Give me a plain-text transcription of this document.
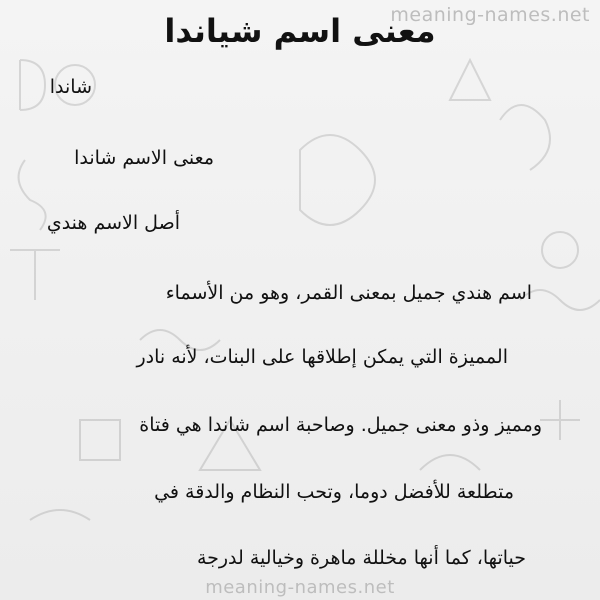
meaning-names.net
معنى اسم شياندا
شاندا
معنى الاسم شاندا
أصل الاسم هندي
اسم هندي جميل بمعنى القمر، وهو من الأسماء
المميزة التي يمكن إطلاقها على البنات، لأنه نادر
ومميز وذو معنى جميل. وصاحبة اسم شاندا هي فتاة
متطلعة للأفضل دوما، وتحب النظام والدقة في
حياتها، كما أنها مخللة ماهرة وخيالية لدرجة
meaning-names.net
